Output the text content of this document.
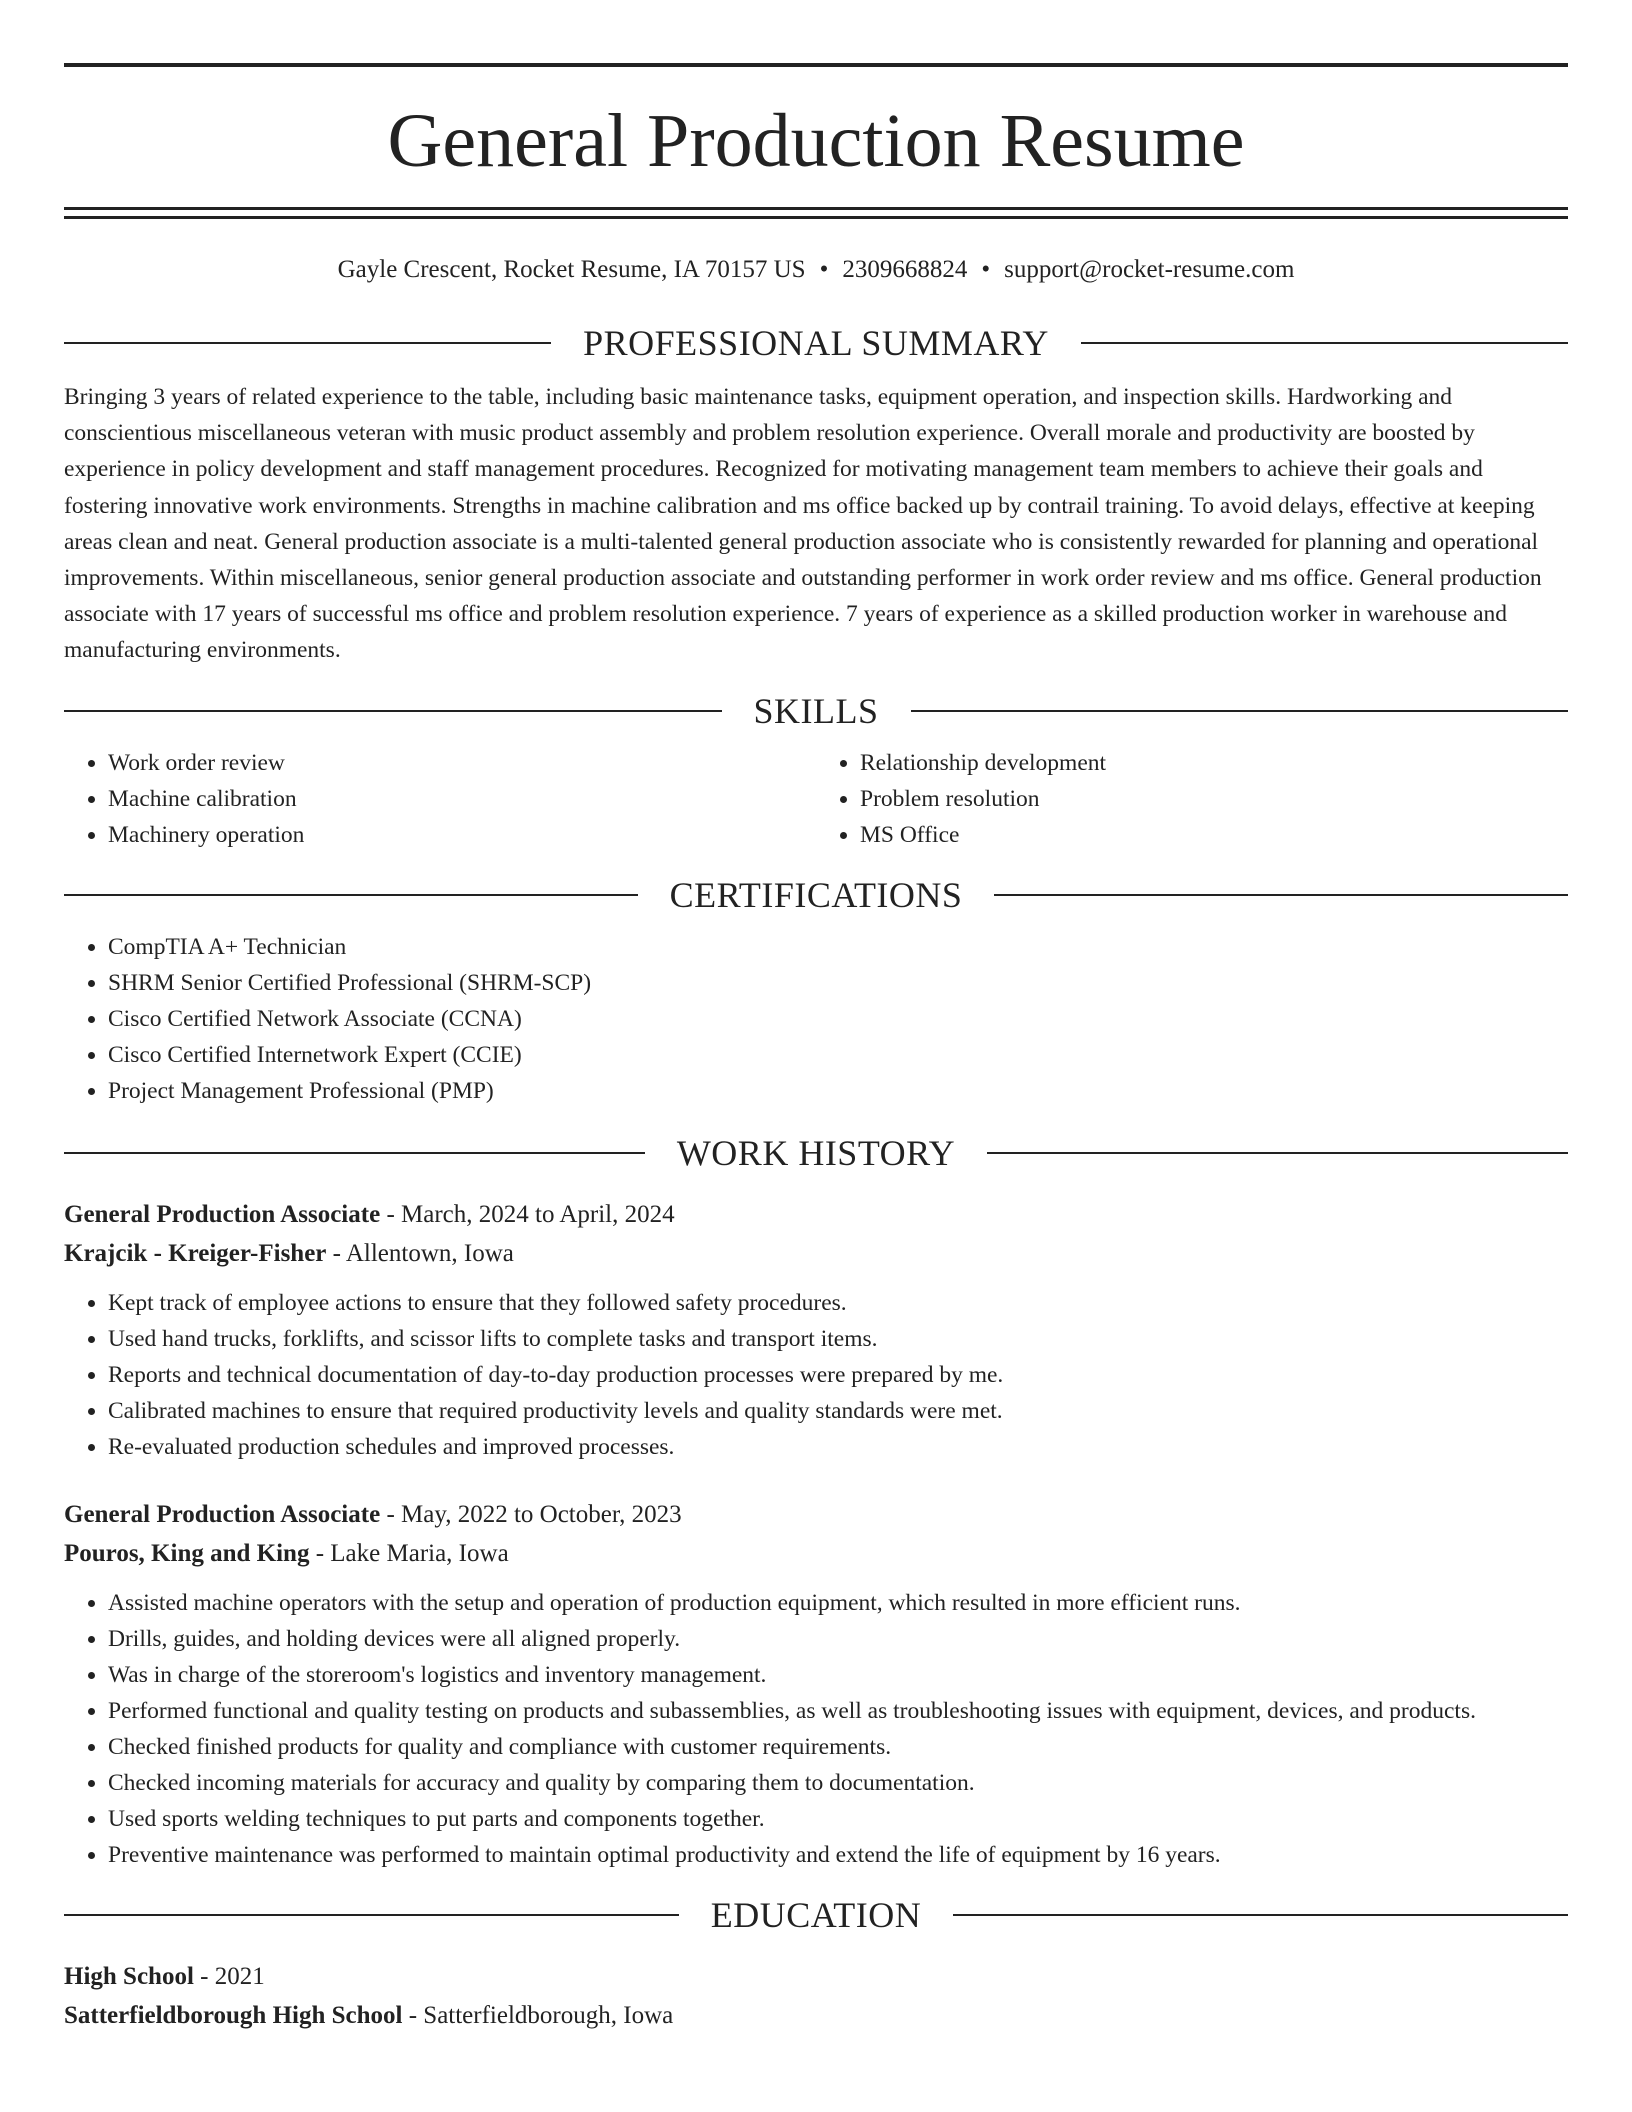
General Production Resume
Gayle Crescent, Rocket Resume, IA 70157 US • 2309668824 • support@rocket-resume.com
PROFESSIONAL SUMMARY

Bringing 3 years of related experience to the table, including basic maintenance tasks, equipment operation, and inspection skills. Hardworking and conscientious miscellaneous veteran with music product assembly and problem resolution experience. Overall morale and productivity are boosted by experience in policy development and staff management procedures. Recognized for motivating management team members to achieve their goals and fostering innovative work environments. Strengths in machine calibration and ms office backed up by contrail training. To avoid delays, effective at keeping areas clean and neat. General production associate is a multi-talented general production associate who is consistently rewarded for planning and operational improvements. Within miscellaneous, senior general production associate and outstanding performer in work order review and ms office. General production associate with 17 years of successful ms office and problem resolution experience. 7 years of experience as a skilled production worker in warehouse and manufacturing environments.

SKILLS
• Work order review
• Machine calibration
• Machinery operation
• Relationship development
• Problem resolution
• MS Office
CERTIFICATIONS
• CompTIA A+ Technician
• SHRM Senior Certified Professional (SHRM-SCP)
• Cisco Certified Network Associate (CCNA)
• Cisco Certified Internetwork Expert (CCIE)
• Project Management Professional (PMP)
WORK HISTORY
General Production Associate - March, 2024 to April, 2024
Krajcik - Kreiger-Fisher - Allentown, Iowa
• Kept track of employee actions to ensure that they followed safety procedures.
• Used hand trucks, forklifts, and scissor lifts to complete tasks and transport items.
• Reports and technical documentation of day-to-day production processes were prepared by me.
• Calibrated machines to ensure that required productivity levels and quality standards were met.
• Re-evaluated production schedules and improved processes.
General Production Associate - May, 2022 to October, 2023
Pouros, King and King - Lake Maria, Iowa
• Assisted machine operators with the setup and operation of production equipment, which resulted in more efficient runs.
• Drills, guides, and holding devices were all aligned properly.
• Was in charge of the storeroom's logistics and inventory management.
• Performed functional and quality testing on products and subassemblies, as well as troubleshooting issues with equipment, devices, and products.
• Checked finished products for quality and compliance with customer requirements.
• Checked incoming materials for accuracy and quality by comparing them to documentation.
• Used sports welding techniques to put parts and components together.
• Preventive maintenance was performed to maintain optimal productivity and extend the life of equipment by 16 years.
EDUCATION
High School - 2021
Satterfieldborough High School - Satterfieldborough, Iowa
